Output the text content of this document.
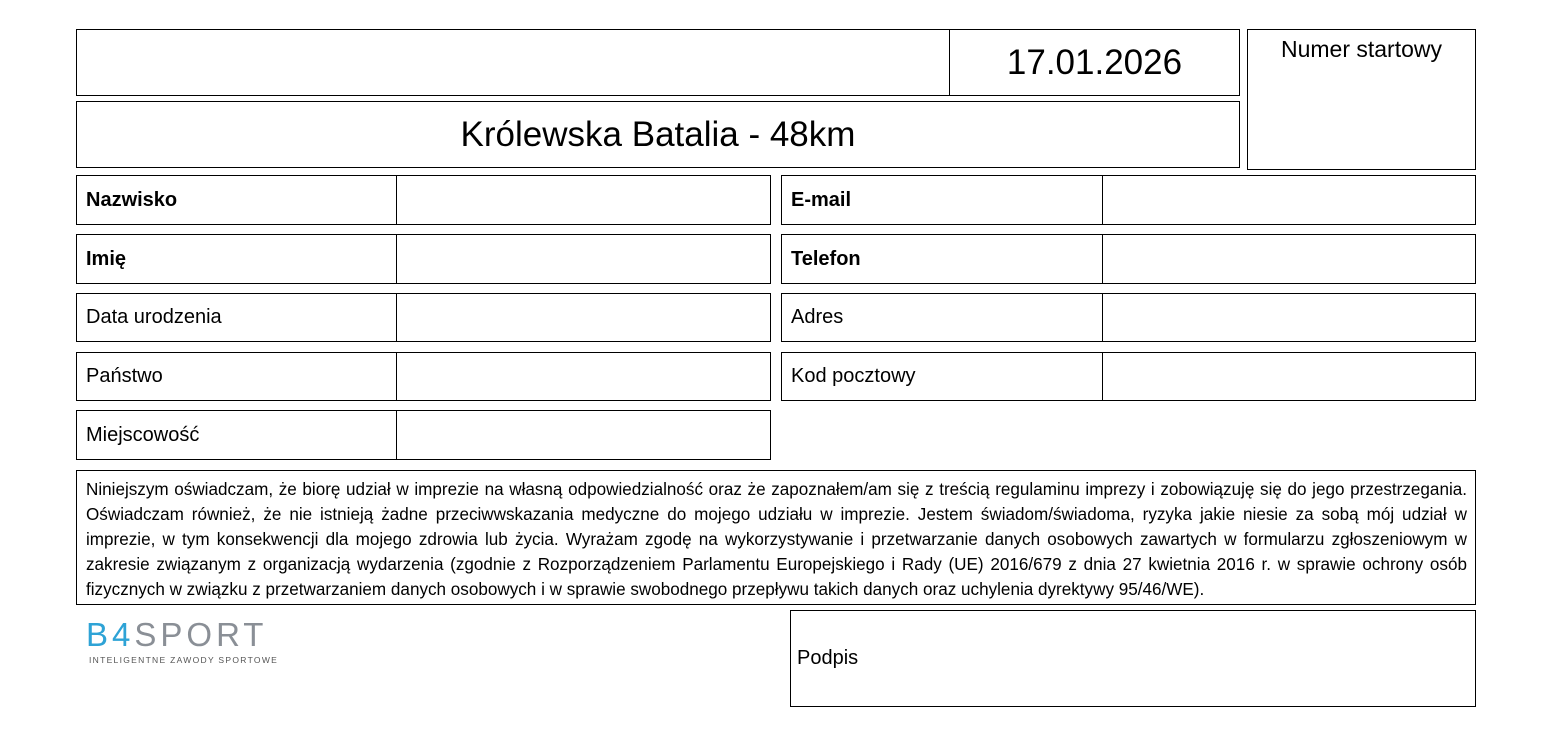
17.01.2026
Królewska Batalia - 48km
Numer startowy
Nazwisko
Imię
Data urodzenia
Państwo
Miejscowość
E-mail
Telefon
Adres
Kod pocztowy
Niniejszym oświadczam, że biorę udział w imprezie na własną odpowiedzialność oraz że zapoznałem/am się z treścią regulaminu imprezy i zobowiązuję się do jego przestrzegania. Oświadczam również, że nie istnieją żadne przeciwwskazania medyczne do mojego udziału w imprezie. Jestem świadom/świadoma, ryzyka jakie niesie za sobą mój udział w imprezie, w tym konsekwencji dla mojego zdrowia lub życia. Wyrażam zgodę na wykorzystywanie i przetwarzanie danych osobowych zawartych w formularzu zgłoszeniowym w zakresie związanym z organizacją wydarzenia (zgodnie z Rozporządzeniem Parlamentu Europejskiego i Rady (UE) 2016/679 z dnia 27 kwietnia 2016 r. w sprawie ochrony osób fizycznych w związku z przetwarzaniem danych osobowych i w sprawie swobodnego przepływu takich danych oraz uchylenia dyrektywy 95/46/WE).
B4 SPORT
INTELIGENTNE ZAWODY SPORTOWE	Podpis
